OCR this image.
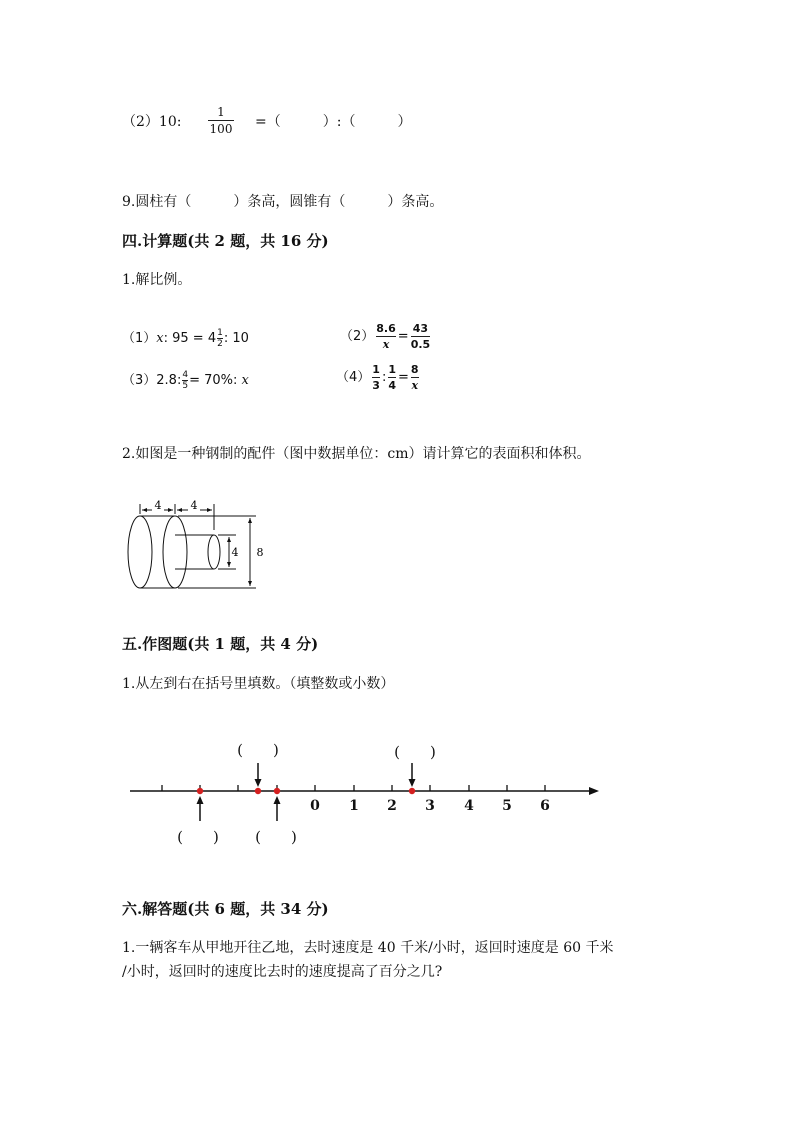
（2）10:
1
100 =（　　　）:（　　　）
9.圆柱有（　　　）条高，圆锥有（　　　）条高。
四.计算题(共 2 题，共 16 分)
1.解比例。
（1）x: $95 = 4\frac{1}{2}$: 10	$(2) \frac{8.6}{x} = \frac{43}{0.5}$
$(3)2.8:\frac{4}{5}= 70\%$: x	$(4) \frac{1}{3}$ : $\frac{1}{4} = \frac{8}{x}$
2.如图是一种钢制的配件（图中数据单位：cm）请计算它的表面积和体积。
4	4
4 8
五.作图题(共 1 题，共 4 分)
1.从左到右在括号里填数。（填整数或小数）
0 1 2 3 4 5 6
(　　)	(　　)
(　　) (　　)
六.解答题(共 6 题，共 34 分)
1.一辆客车从甲地开往乙地，去时速度是 40 千米/小时，返回时速度是 60 千米
/小时，返回时的速度比去时的速度提高了百分之几?
